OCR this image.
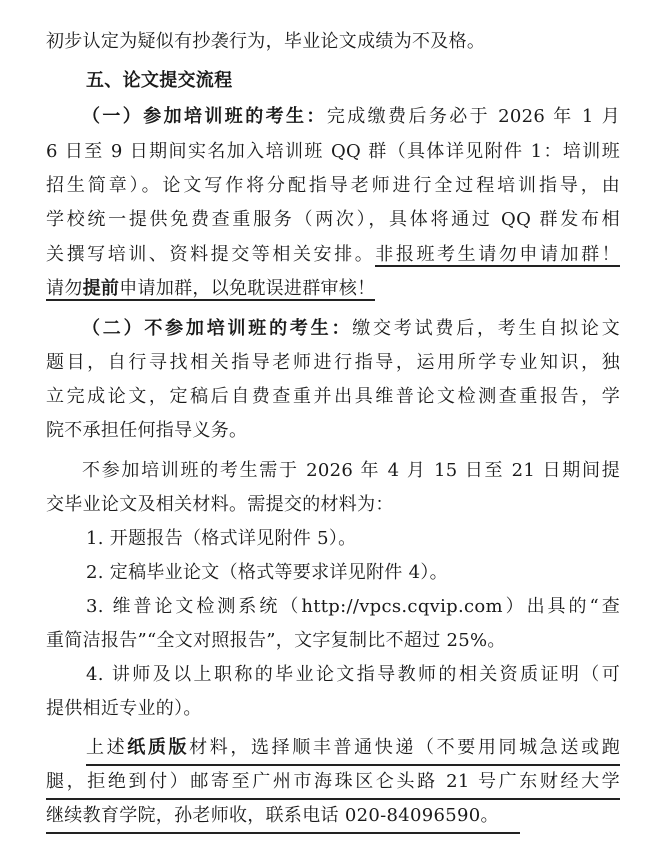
初步认定为疑似有抄袭行为，毕业论文成绩为不及格。
五、论文提交流程
（一）参加培训班的考生：完成缴费后务必于 2026 年 1 月
6 日至 9 日期间实名加入培训班 QQ 群（具体详见附件 1：培训班
招生简章）。论文写作将分配指导老师进行全过程培训指导，由
学校统一提供免费查重服务（两次），具体将通过 QQ 群发布相
关撰写培训、资料提交等相关安排。非报班考生请勿申请加群！
请勿提前申请加群，以免耽误进群审核！
（二）不参加培训班的考生：缴交考试费后，考生自拟论文
题目，自行寻找相关指导老师进行指导，运用所学专业知识，独
立完成论文，定稿后自费查重并出具维普论文检测查重报告，学
院不承担任何指导义务。
不参加培训班的考生需于 2026 年 4 月 15 日至 21 日期间提
交毕业论文及相关材料。需提交的材料为：
1. 开题报告（格式详见附件 5）。
2. 定稿毕业论文（格式等要求详见附件 4）。
3. 维普论文检测系统（http://vpcs.cqvip.com）出具的“查
重简洁报告”“全文对照报告”，文字复制比不超过 25%。
4. 讲师及以上职称的毕业论文指导教师的相关资质证明（可
提供相近专业的）。
上述纸质版材料，选择顺丰普通快递（不要用同城急送或跑
腿，拒绝到付）邮寄至广州市海珠区仑头路 21 号广东财经大学
继续教育学院，孙老师收，联系电话 020-84096590。
